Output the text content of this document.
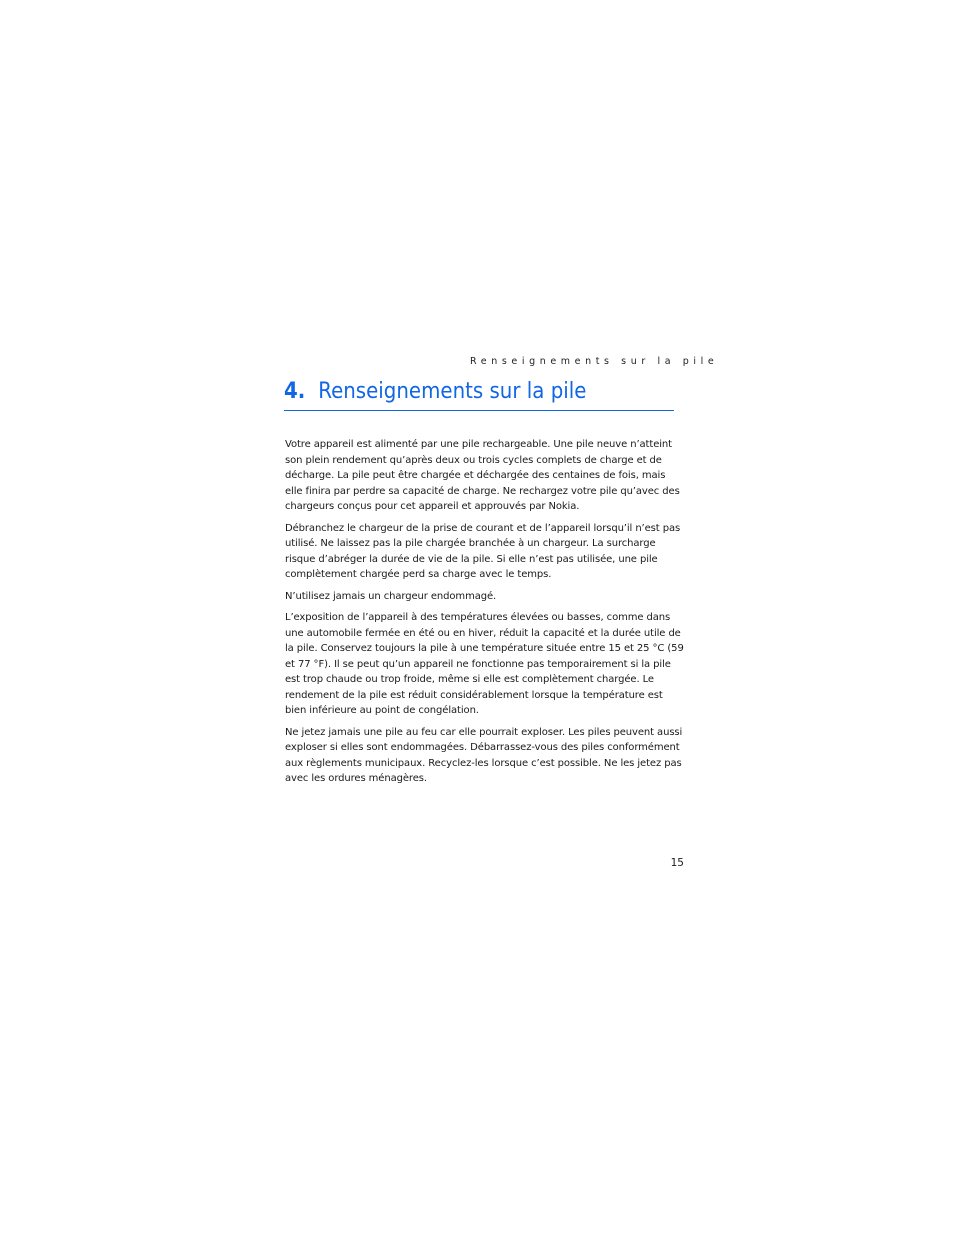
Renseignements sur la pile
4. Renseignements sur la pile

Votre appareil est alimenté par une pile rechargeable. Une pile neuve n’atteint son plein rendement qu’après deux ou trois cycles complets de charge et de décharge. La pile peut être chargée et déchargée des centaines de fois, mais elle finira par perdre sa capacité de charge. Ne rechargez votre pile qu’avec des chargeurs conçus pour cet appareil et approuvés par Nokia.

Débranchez le chargeur de la prise de courant et de l’appareil lorsqu’il n’est pas utilisé. Ne laissez pas la pile chargée branchée à un chargeur. La surcharge risque d’abréger la durée de vie de la pile. Si elle n’est pas utilisée, une pile complètement chargée perd sa charge avec le temps.

N’utilisez jamais un chargeur endommagé.

L’exposition de l’appareil à des températures élevées ou basses, comme dans une automobile fermée en été ou en hiver, réduit la capacité et la durée utile de la pile. Conservez toujours la pile à une température située entre 15 et 25 °C (59 et 77 °F). Il se peut qu’un appareil ne fonctionne pas temporairement si la pile est trop chaude ou trop froide, même si elle est complètement chargée. Le rendement de la pile est réduit considérablement lorsque la température est bien inférieure au point de congélation.

Ne jetez jamais une pile au feu car elle pourrait exploser. Les piles peuvent aussi exploser si elles sont endommagées. Débarrassez-vous des piles conformément aux règlements municipaux. Recyclez-les lorsque c’est possible. Ne les jetez pas avec les ordures ménagères.

15
